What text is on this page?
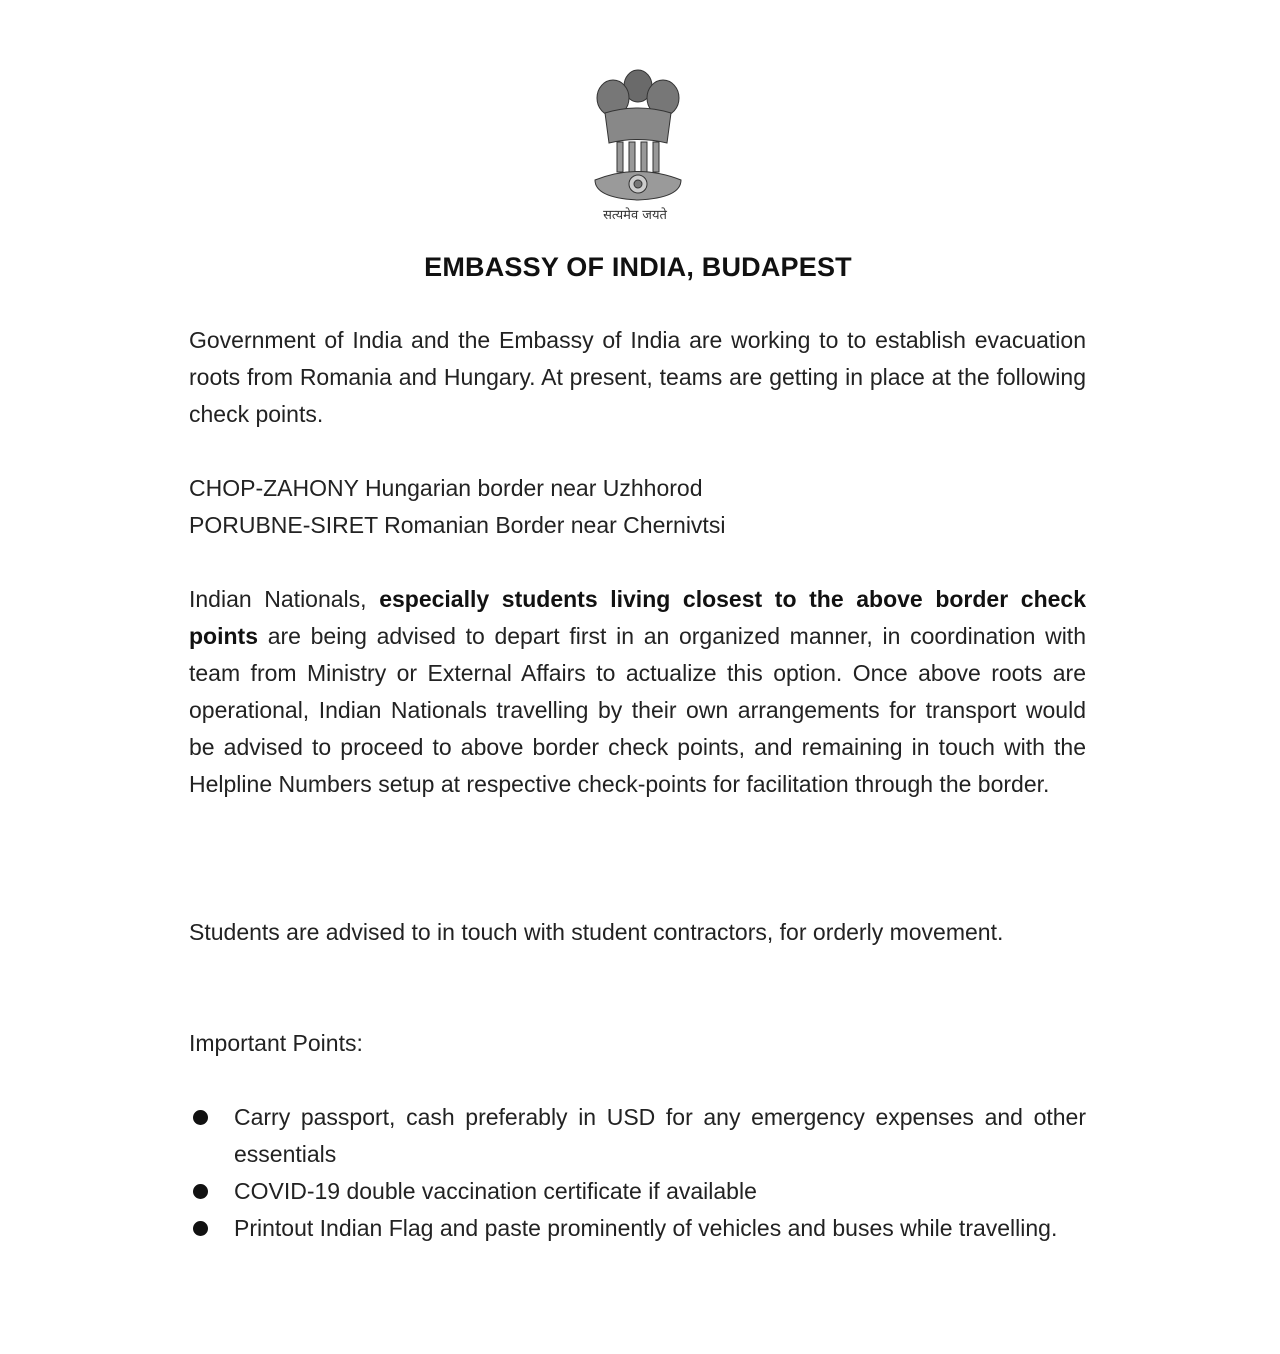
सत्यमेव जयते
EMBASSY OF INDIA, BUDAPEST
Government of India and the Embassy of India are working to to establish evacuation roots from Romania and Hungary. At present, teams are getting in place at the following check points.
CHOP-ZAHONY Hungarian border near Uzhhorod
PORUBNE-SIRET Romanian Border near Chernivtsi
Indian Nationals, especially students living closest to the above border check points are being advised to depart first in an organized manner, in coordination with team from Ministry or External Affairs to actualize this option. Once above roots are operational, Indian Nationals travelling by their own arrangements for transport would be advised to proceed to above border check points, and remaining in touch with the Helpline Numbers setup at respective check-points for facilitation through the border.
Students are advised to in touch with student contractors, for orderly movement.
Important Points:
Carry passport, cash preferably in USD for any emergency expenses and other essentials
COVID-19 double vaccination certificate if available
Printout Indian Flag and paste prominently of vehicles and buses while travelling.
